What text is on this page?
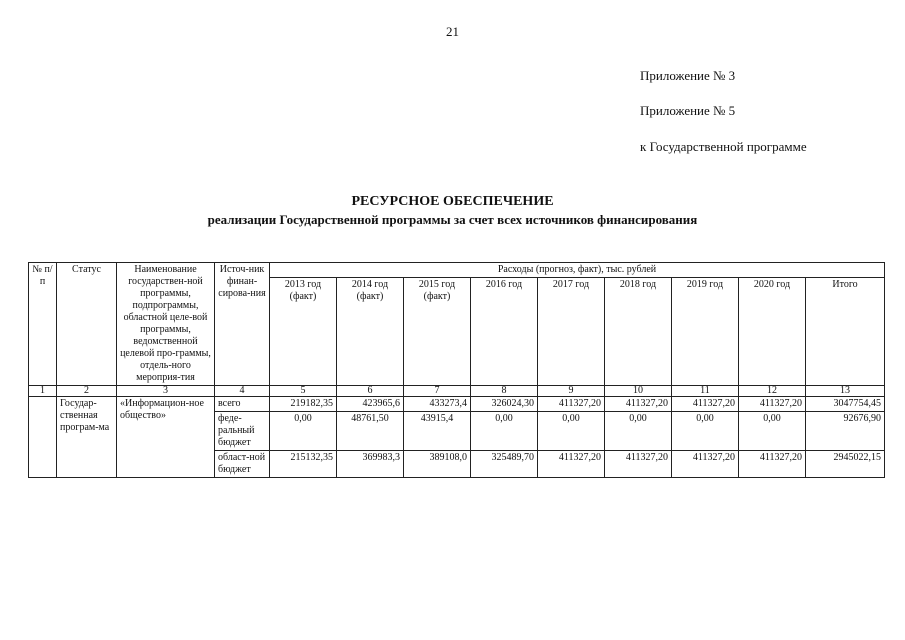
21
Приложение № 3
Приложение № 5
к Государственной программе
РЕСУРСНОЕ ОБЕСПЕЧЕНИЕ
реализации Государственной программы за счет всех источников финансирования
№ п/п	Статус	Наименование государствен-ной программы, подпрограммы, областной целе-вой программы, ведомственной целевой про-граммы, отдель-ного мероприя-тия	Источ-ник финан-сирова-ния	Расходы (прогноз, факт), тыс. рублей								
				2013 год (факт)	2014 год (факт)	2015 год (факт)	2016 год	2017 год	2018 год	2019 год	2020 год	Итого
1	2	3	4	5	6	7	8	9	10	11	12	13
	Государ-ственная програм-ма	«Информацион-ное общество»	всего	219182,35	423965,6	433273,4	326024,30	411327,20	411327,20	411327,20	411327,20	3047754,45
			феде-ральный бюджет	0,00	48761,50	43915,4	0,00	0,00	0,00	0,00	0,00	92676,90
			област-ной бюджет	215132,35	369983,3	389108,0	325489,70	411327,20	411327,20	411327,20	411327,20	2945022,15
